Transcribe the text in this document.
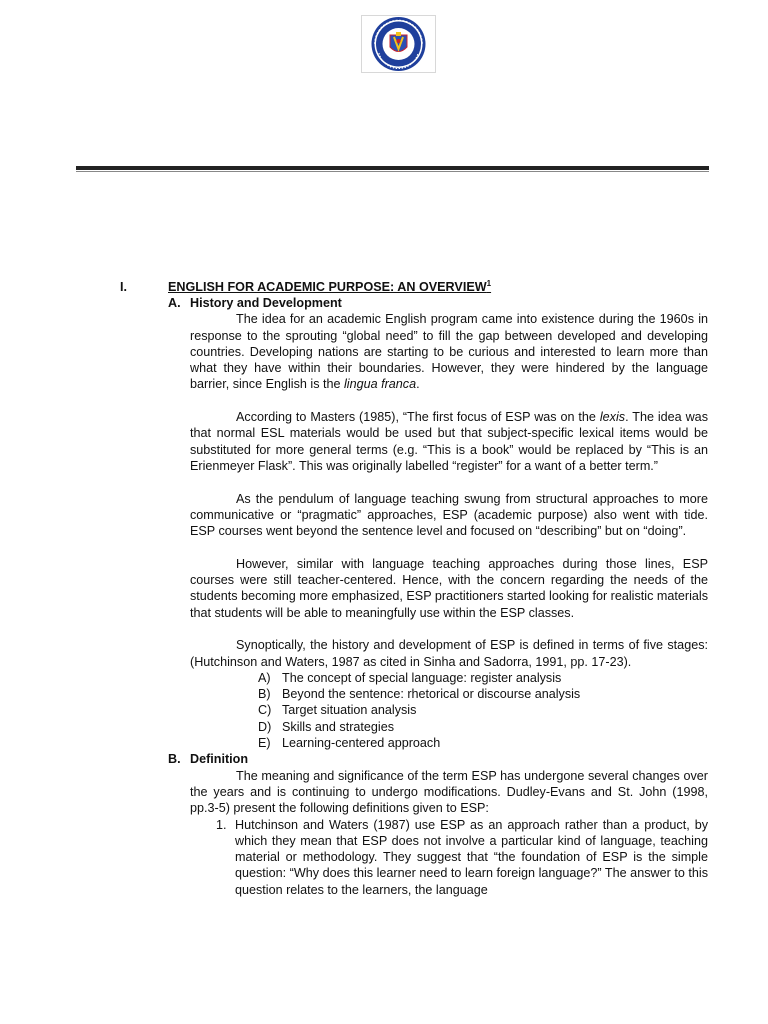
I.	ENGLISH FOR ACADEMIC PURPOSE: AN OVERVIEW$^1$
A. History and Development

The idea for an academic English program came into existence during the 1960s in response to the sprouting “global need” to fill the gap between developed and developing countries. Developing nations are starting to be curious and interested to learn more than what they have within their boundaries. However, they were hindered by the language barrier, since English is the lingua franca.

According to Masters (1985), “The first focus of ESP was on the lexis. The idea was that normal ESL materials would be used but that subject-specific lexical items would be substituted for more general terms (e.g. “This is a book” would be replaced by “This is an Erienmeyer Flask”. This was originally labelled “register” for a want of a better term.”

As the pendulum of language teaching swung from structural approaches to more communicative or “pragmatic” approaches, ESP (academic purpose) also went with tide. ESP courses went beyond the sentence level and focused on “describing” but on “doing”.

However, similar with language teaching approaches during those lines, ESP courses were still teacher-centered. Hence, with the concern regarding the needs of the students becoming more emphasized, ESP practitioners started looking for realistic materials that students will be able to meaningfully use within the ESP classes.

Synoptically, the history and development of ESP is defined in terms of five stages: (Hutchinson and Waters, 1987 as cited in Sinha and Sadorra, 1991, pp. 17-23).

A) The concept of special language: register analysis
B) Beyond the sentence: rhetorical or discourse analysis
C) Target situation analysis
D) Skills and strategies
E) Learning-centered approach
B. Definition

The meaning and significance of the term ESP has undergone several changes over the years and is continuing to undergo modifications. Dudley-Evans and St. John (1998, pp.3-5) present the following definitions given to ESP:

1. Hutchinson and Waters (1987) use ESP as an approach rather than a product, by which they mean that ESP does not involve a particular kind of language, teaching material or methodology. They suggest that “the foundation of ESP is the simple question: “Why does this learner need to learn foreign language?” The answer to this question relates to the learners, the language
